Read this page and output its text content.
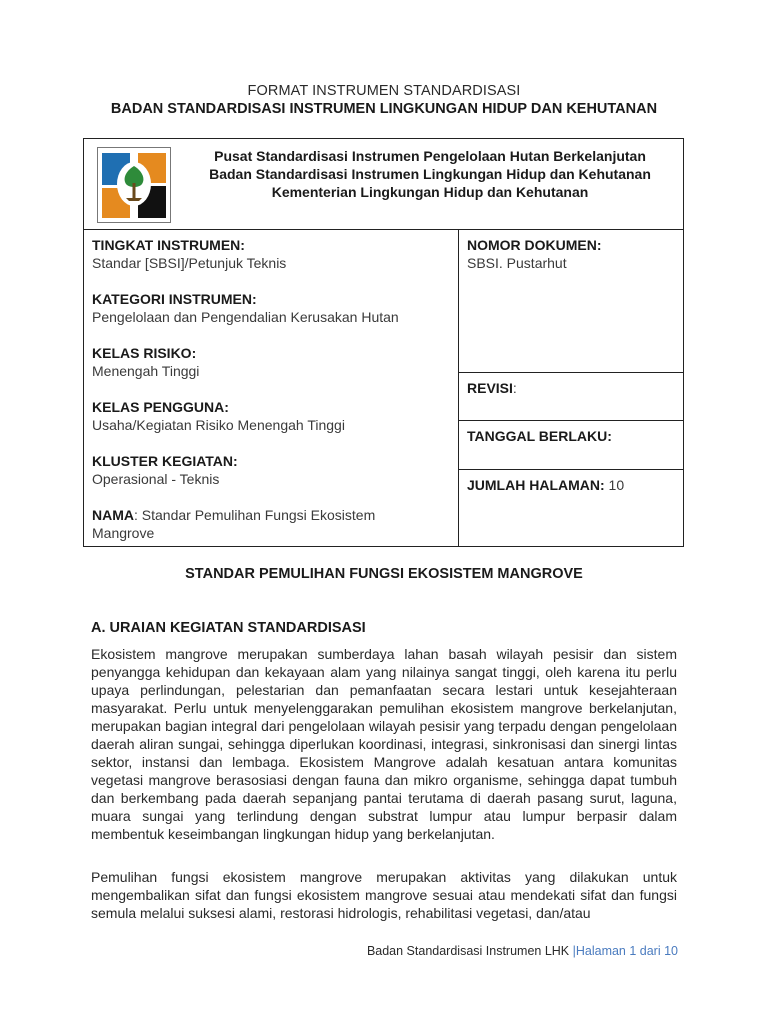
FORMAT INSTRUMEN STANDARDISASI
BADAN STANDARDISASI INSTRUMEN LINGKUNGAN HIDUP DAN KEHUTANAN
Pusat Standardisasi Instrumen Pengelolaan Hutan Berkelanjutan
Badan Standardisasi Instrumen Lingkungan Hidup dan Kehutanan
Kementerian Lingkungan Hidup dan Kehutanan

TINGKAT INSTRUMEN:
Standar [SBSI]/Petunjuk Teknis
KATEGORI INSTRUMEN:
Pengelolaan dan Pengendalian Kerusakan Hutan
KELAS RISIKO:
Menengah Tinggi
KELAS PENGGUNA:
Usaha/Kegiatan Risiko Menengah Tinggi
KLUSTER KEGIATAN:
Operasional - Teknis
NAMA: Standar Pemulihan Fungsi Ekosistem Mangrove

NOMOR DOKUMEN:
SBSI. Pustarhut

REVISI:
TANGGAL BERLAKU:
JUMLAH HALAMAN: 10
STANDAR PEMULIHAN FUNGSI EKOSISTEM MANGROVE
A. URAIAN KEGIATAN STANDARDISASI
Ekosistem mangrove merupakan sumberdaya lahan basah wilayah pesisir dan sistem penyangga kehidupan dan kekayaan alam yang nilainya sangat tinggi, oleh karena itu perlu upaya perlindungan, pelestarian dan pemanfaatan secara lestari untuk kesejahteraan masyarakat. Perlu untuk menyelenggarakan pemulihan ekosistem mangrove berkelanjutan, merupakan bagian integral dari pengelolaan wilayah pesisir yang terpadu dengan pengelolaan daerah aliran sungai, sehingga diperlukan koordinasi, integrasi, sinkronisasi dan sinergi lintas sektor, instansi dan lembaga. Ekosistem Mangrove adalah kesatuan antara komunitas vegetasi mangrove berasosiasi dengan fauna dan mikro organisme, sehingga dapat tumbuh dan berkembang pada daerah sepanjang pantai terutama di daerah pasang surut, laguna, muara sungai yang terlindung dengan substrat lumpur atau lumpur berpasir dalam membentuk keseimbangan lingkungan hidup yang berkelanjutan.
Pemulihan fungsi ekosistem mangrove merupakan aktivitas yang dilakukan untuk mengembalikan sifat dan fungsi ekosistem mangrove sesuai atau mendekati sifat dan fungsi semula melalui suksesi alami, restorasi hidrologis, rehabilitasi vegetasi, dan/atau
Badan Standardisasi Instrumen LHK |Halaman 1 dari 10
